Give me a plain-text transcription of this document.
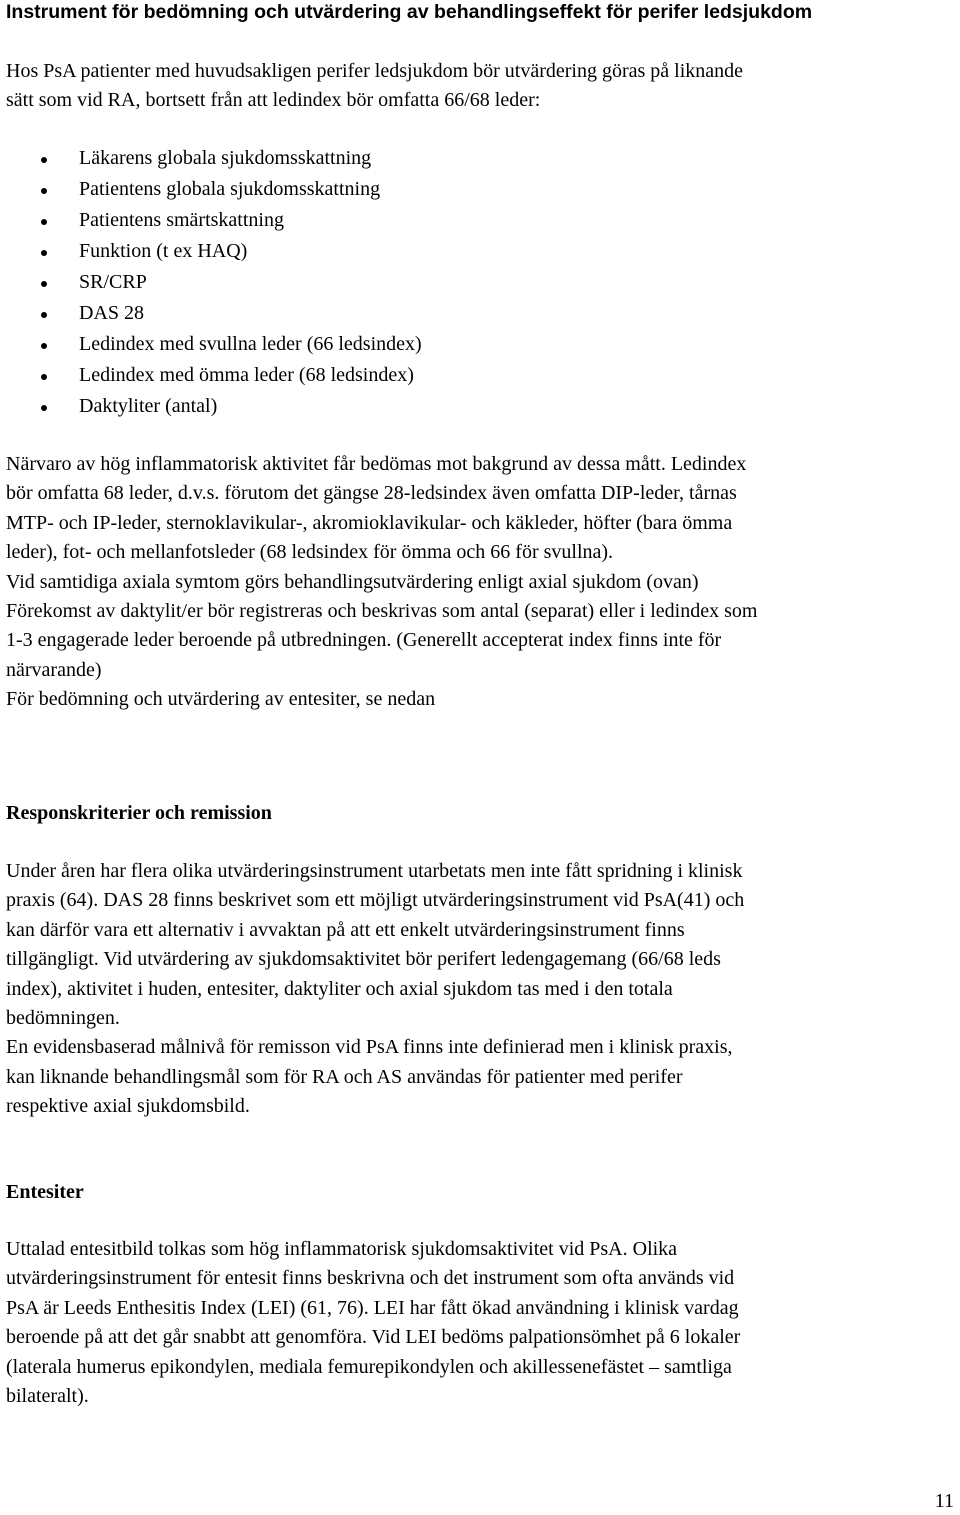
Instrument för bedömning och utvärdering av behandlingseffekt för perifer ledsjukdom

Hos PsA patienter med huvudsakligen perifer ledsjukdom bör utvärdering göras på liknande
sätt som vid RA, bortsett från att ledindex bör omfatta 66/68 leder:

Läkarens globala sjukdomsskattning
Patientens globala sjukdomsskattning
Patientens smärtskattning
Funktion (t ex HAQ)
SR/CRP
DAS 28
Ledindex med svullna leder (66 ledsindex)
Ledindex med ömma leder (68 ledsindex)
Daktyliter (antal)

Närvaro av hög inflammatorisk aktivitet får bedömas mot bakgrund av dessa mått. Ledindex
bör omfatta 68 leder, d.v.s. förutom det gängse 28-ledsindex även omfatta DIP-leder, tårnas
MTP- och IP-leder, sternoklavikular-, akromioklavikular- och käkleder, höfter (bara ömma
leder), fot- och mellanfotsleder (68 ledsindex för ömma och 66 för svullna).
Vid samtidiga axiala symtom görs behandlingsutvärdering enligt axial sjukdom (ovan)
Förekomst av daktylit/er bör registreras och beskrivas som antal (separat) eller i ledindex som
1-3 engagerade leder beroende på utbredningen. (Generellt accepterat index finns inte för
närvarande)
För bedömning och utvärdering av entesiter, se nedan

Responskriterier och remission

Under åren har flera olika utvärderingsinstrument utarbetats men inte fått spridning i klinisk
praxis (64). DAS 28 finns beskrivet som ett möjligt utvärderingsinstrument vid PsA(41) och
kan därför vara ett alternativ i avvaktan på att ett enkelt utvärderingsinstrument finns
tillgängligt. Vid utvärdering av sjukdomsaktivitet bör perifert ledengagemang (66/68 leds
index), aktivitet i huden, entesiter, daktyliter och axial sjukdom tas med i den totala
bedömningen.
En evidensbaserad målnivå för remisson vid PsA finns inte definierad men i klinisk praxis,
kan liknande behandlingsmål som för RA och AS användas för patienter med perifer
respektive axial sjukdomsbild.

Entesiter

Uttalad entesitbild tolkas som hög inflammatorisk sjukdomsaktivitet vid PsA. Olika
utvärderingsinstrument för entesit finns beskrivna och det instrument som ofta används vid
PsA är Leeds Enthesitis Index (LEI) (61, 76). LEI har fått ökad användning i klinisk vardag
beroende på att det går snabbt att genomföra. Vid LEI bedöms palpationsömhet på 6 lokaler
(laterala humerus epikondylen, mediala femurepikondylen och akillessenefästet – samtliga
bilateralt).

11
